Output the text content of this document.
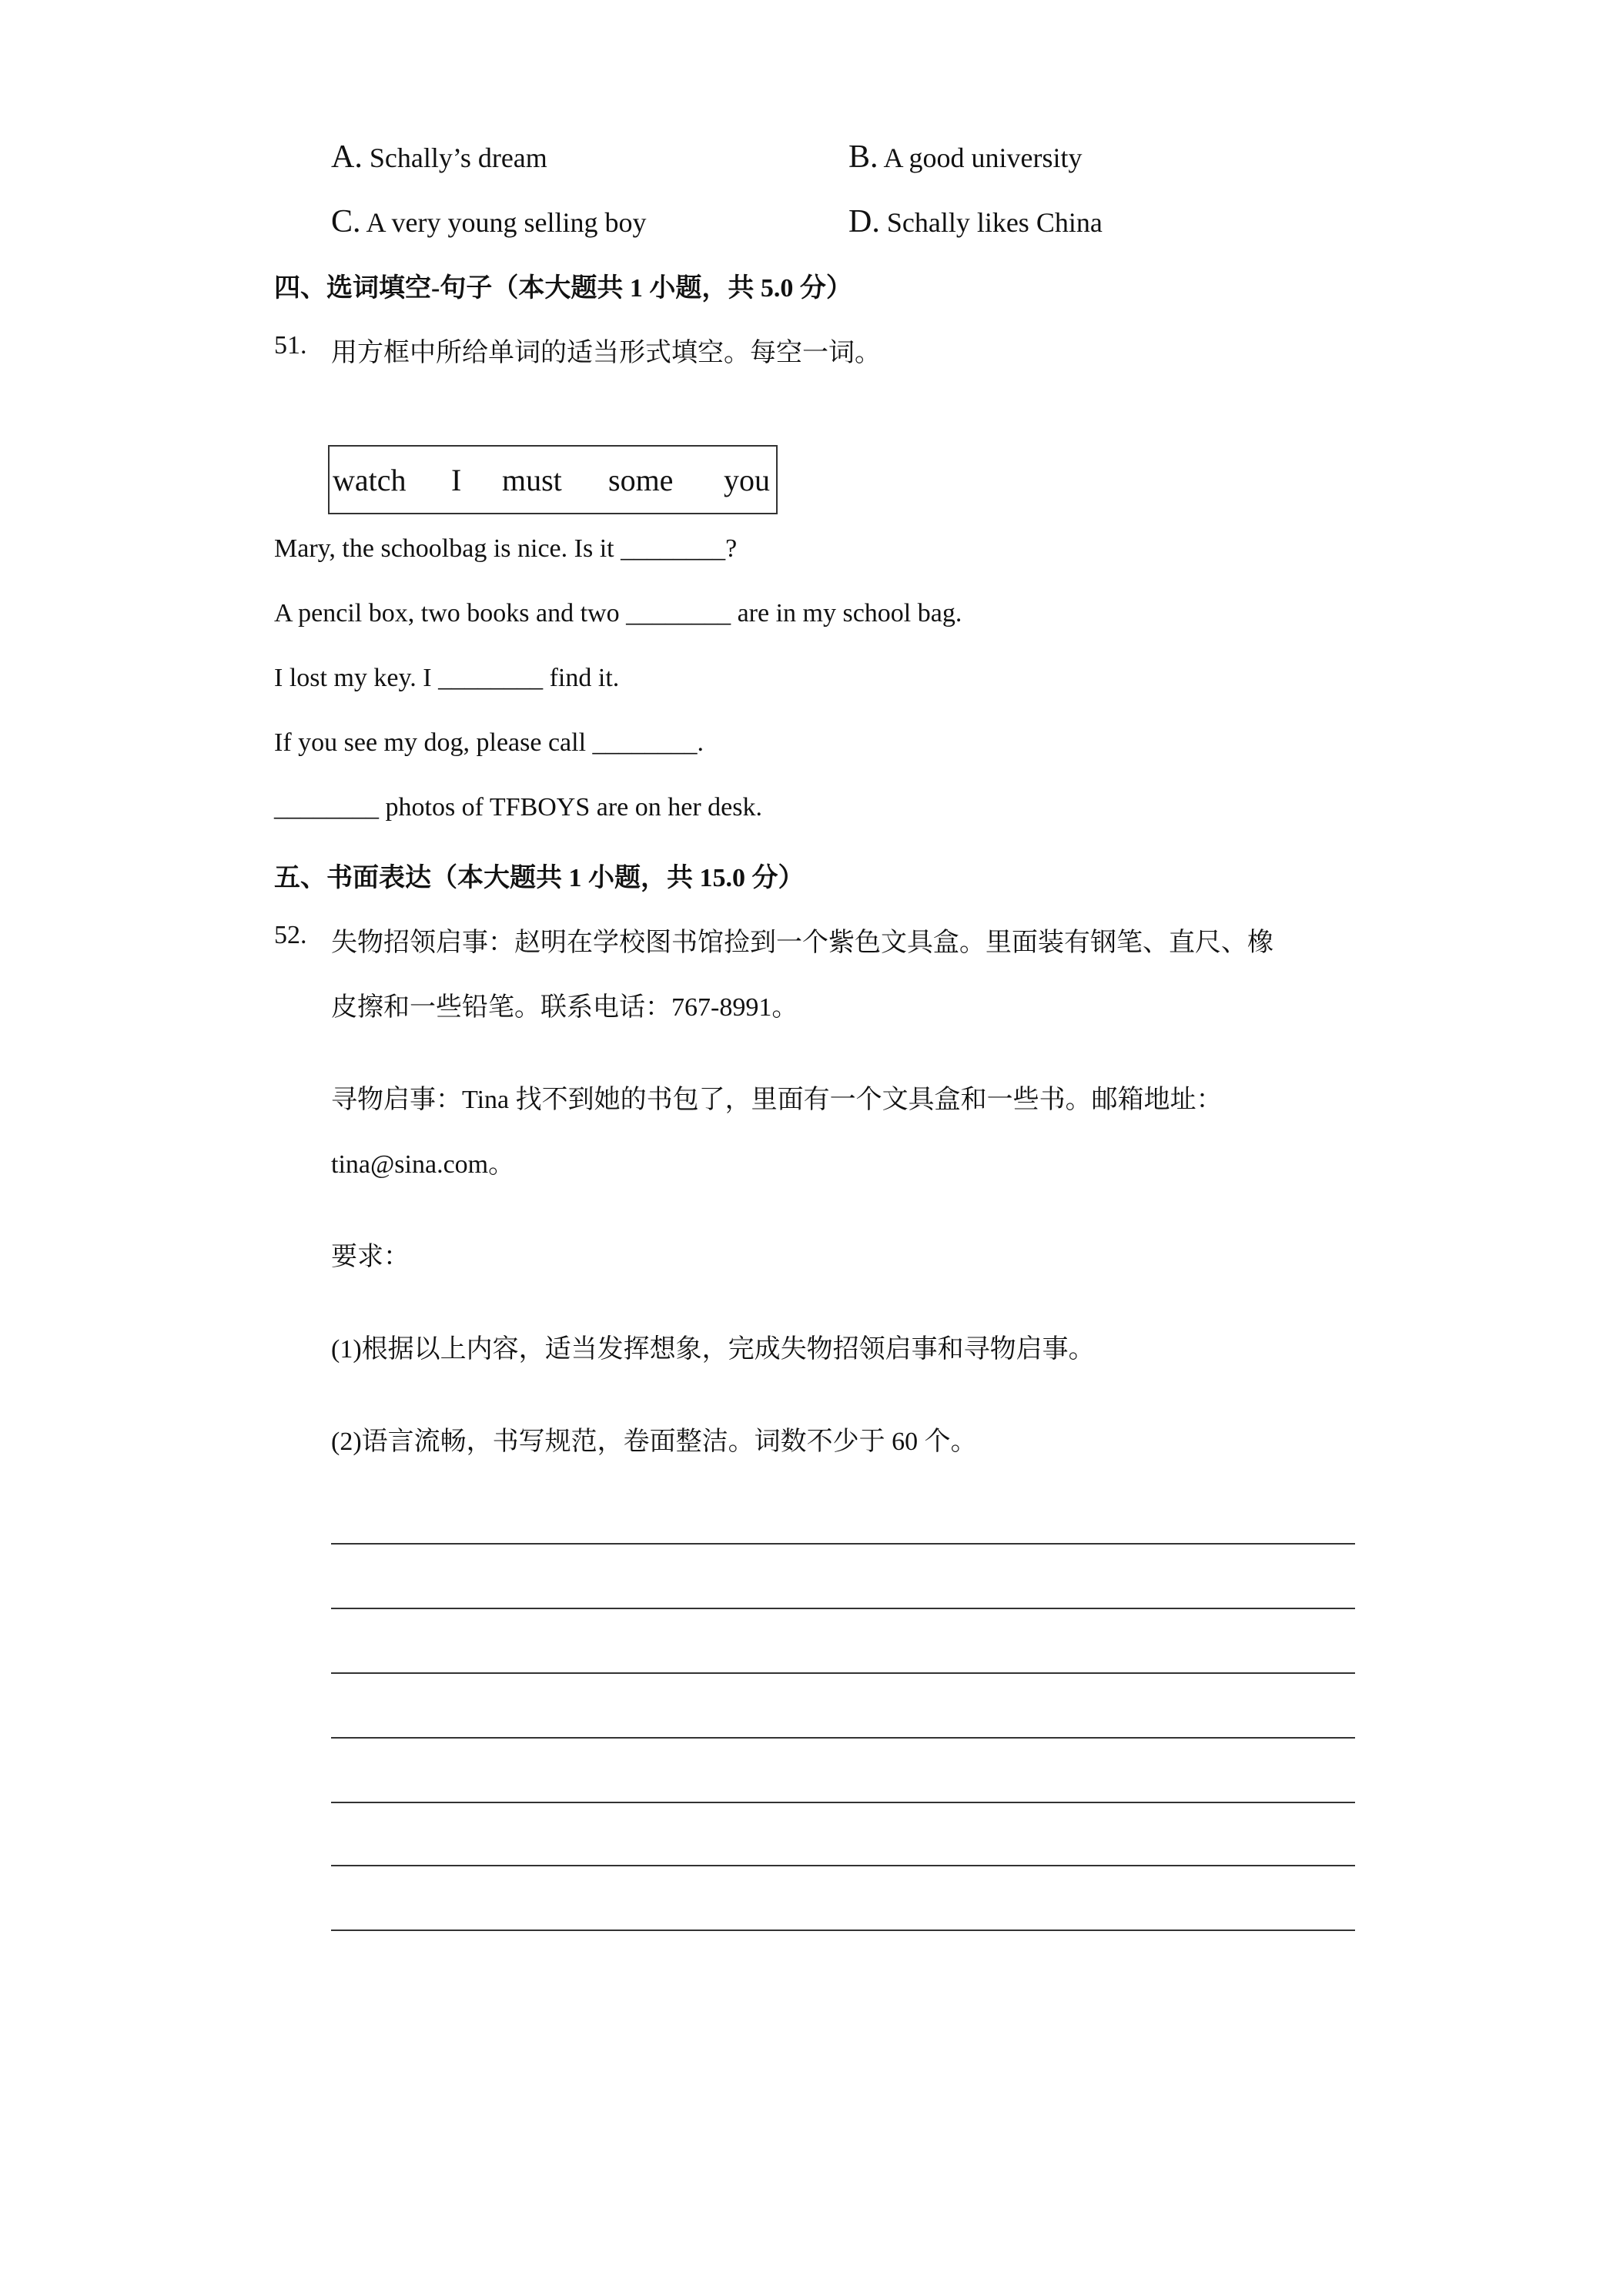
A. Schally’s dream	B. A good university
C. A very young selling boy	D. Schally likes China
四、选词填空-句子（本大题共 1 小题，共 5.0 分）
51. 用方框中所给单词的适当形式填空。每空一词。
watch I must some you
Mary, the schoolbag is nice. Is it ________?
A pencil box, two books and two ________ are in my school bag.
I lost my key. I ________ find it.
If you see my dog, please call ________.
________ photos of TFBOYS are on her desk.
五、书面表达（本大题共 1 小题，共 15.0 分）
52. 失物招领启事：赵明在学校图书馆捡到一个紫色文具盒。里面装有钢笔、直尺、橡
皮擦和一些铅笔。联系电话：767-8991。
寻物启事：Tina 找不到她的书包了，里面有一个文具盒和一些书。邮箱地址：
tina@sina.com。
要求：
(1)根据以上内容，适当发挥想象，完成失物招领启事和寻物启事。
(2)语言流畅，书写规范，卷面整洁。词数不少于 60 个。
